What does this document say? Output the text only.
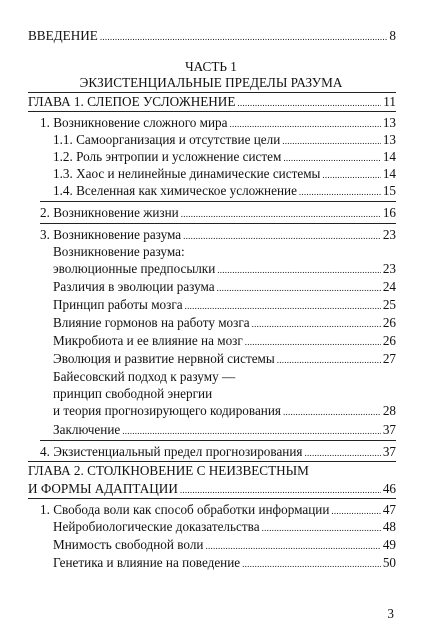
ВВЕДЕНИЕ . . .	8
ЧАСТЬ 1
ЭКЗИСТЕНЦИАЛЬНЫЕ ПРЕДЕЛЫ РАЗУМА
ГЛАВА 1. СЛЕПОЕ УСЛОЖНЕНИЕ . . .	11
1. Возникновение сложного мира . . .	13
1.1. Самоорганизация и отсутствие цели . . .	13
1.2. Роль энтропии и усложнение систем . . .	14
1.3. Хаос и нелинейные динамические системы . . .	14
1.4. Вселенная как химическое усложнение . . .	15
2. Возникновение жизни . . .	16
3. Возникновение разума . . .	23
Возникновение разума:
эволюционные предпосылки . . .	23
Различия в эволюции разума . . .	24
Принцип работы мозга . . .	25
Влияние гормонов на работу мозга . . .	26
Микробиота и ее влияние на мозг . . .	26
Эволюция и развитие нервной системы . . .	27
Байесовский подход к разуму —
принцип свободной энергии
и теория прогнозирующего кодирования . . .	28
Заключение . . .	37
4. Экзистенциальный предел прогнозирования . . .	37
ГЛАВА 2. СТОЛКНОВЕНИЕ С НЕИЗВЕСТНЫМ
И ФОРМЫ АДАПТАЦИИ . . .	46
1. Свобода воли как способ обработки информации . . .	47
Нейробиологические доказательства . . .	48
Мнимость свободной воли . . .	49
Генетика и влияние на поведение . . .	50
3
